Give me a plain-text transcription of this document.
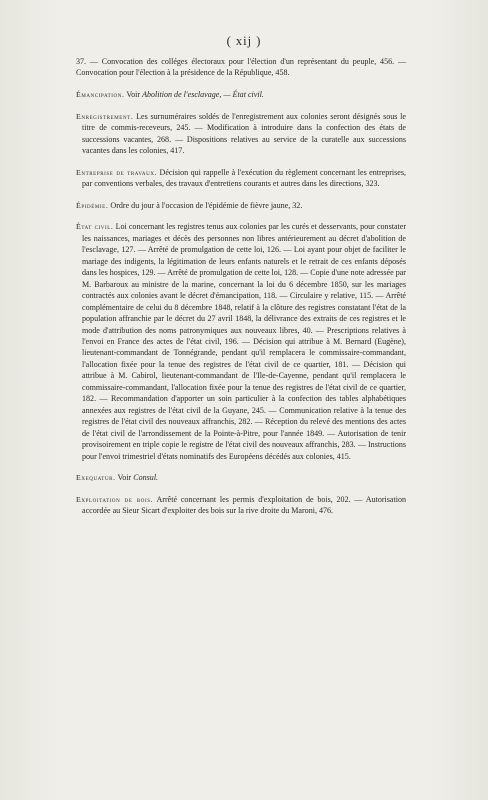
( xij )

37. — Convocation des colléges électoraux pour l'élection d'un représentant du peuple, 456. — Convocation pour l'élection à la présidence de la République, 458.

Émancipation. Voir Abolition de l'esclavage, — État civil.

Enregistrement. Les surnuméraires soldés de l'enregistrement aux colonies seront désignés sous le titre de commis-receveurs, 245. — Modification à introduire dans la confection des états de successions vacantes, 268. — Dispositions relatives au service de la curatelle aux successions vacantes dans les colonies, 417.

Entreprise de travaux. Décision qui rappelle à l'exécution du règlement concernant les entreprises, par conventions verbales, des travaux d'entretiens courants et autres dans les directions, 323.

Épidémie. Ordre du jour à l'occasion de l'épidémie de fièvre jaune, 32.

État civil. Loi concernant les registres tenus aux colonies par les curés et desservants, pour constater les naissances, mariages et décès des personnes non libres antérieurement au décret d'abolition de l'esclavage, 127. — Arrêté de promulgation de cette loi, 126. — Loi ayant pour objet de faciliter le mariage des indigents, la légitimation de leurs enfants naturels et le retrait de ces enfants déposés dans les hospices, 129. — Arrêté de promulgation de cette loi, 128. — Copie d'une note adressée par M. Barbaroux au ministre de la marine, concernant la loi du 6 décembre 1850, sur les mariages contractés aux colonies avant le décret d'émancipation, 118. — Circulaire y relative, 115. — Arrêté complémentaire de celui du 8 décembre 1848, relatif à la clôture des registres constatant l'état de la population affranchie par le décret du 27 avril 1848, la délivrance des extraits de ces registres et le mode d'attribution des noms patronymiques aux nouveaux libres, 40. — Prescriptions relatives à l'envoi en France des actes de l'état civil, 196. — Décision qui attribue à M. Bernard (Eugène), lieutenant-commandant de Tonnégrande, pendant qu'il remplacera le commissaire-commandant, l'allocation fixée pour la tenue des registres de l'état civil de ce quartier, 181. — Décision qui attribue à M. Cabirol, lieutenant-commandant de l'Ile-de-Cayenne, pendant qu'il remplacera le commissaire-commandant, l'allocation fixée pour la tenue des registres de l'état civil de ce quartier, 182. — Recommandation d'apporter un soin particulier à la confection des tables alphabétiques annexées aux registres de l'état civil de la Guyane, 245. — Communication relative à la tenue des registres de l'état civil des nouveaux affranchis, 282. — Réception du relevé des mentions des actes de l'état civil de l'arrondissement de la Pointe-à-Pitre, pour l'année 1849. — Autorisation de tenir provisoirement en triple copie le registre de l'état civil des nouveaux affranchis, 283. — Instructions pour l'envoi trimestriel d'états nominatifs des Européens décédés aux colonies, 415.

Exequatur. Voir Consul.

Exploitation de bois. Arrêté concernant les permis d'exploitation de bois, 202. — Autorisation accordée au Sieur Sicart d'exploiter des bois sur la rive droite du Maroni, 476.
